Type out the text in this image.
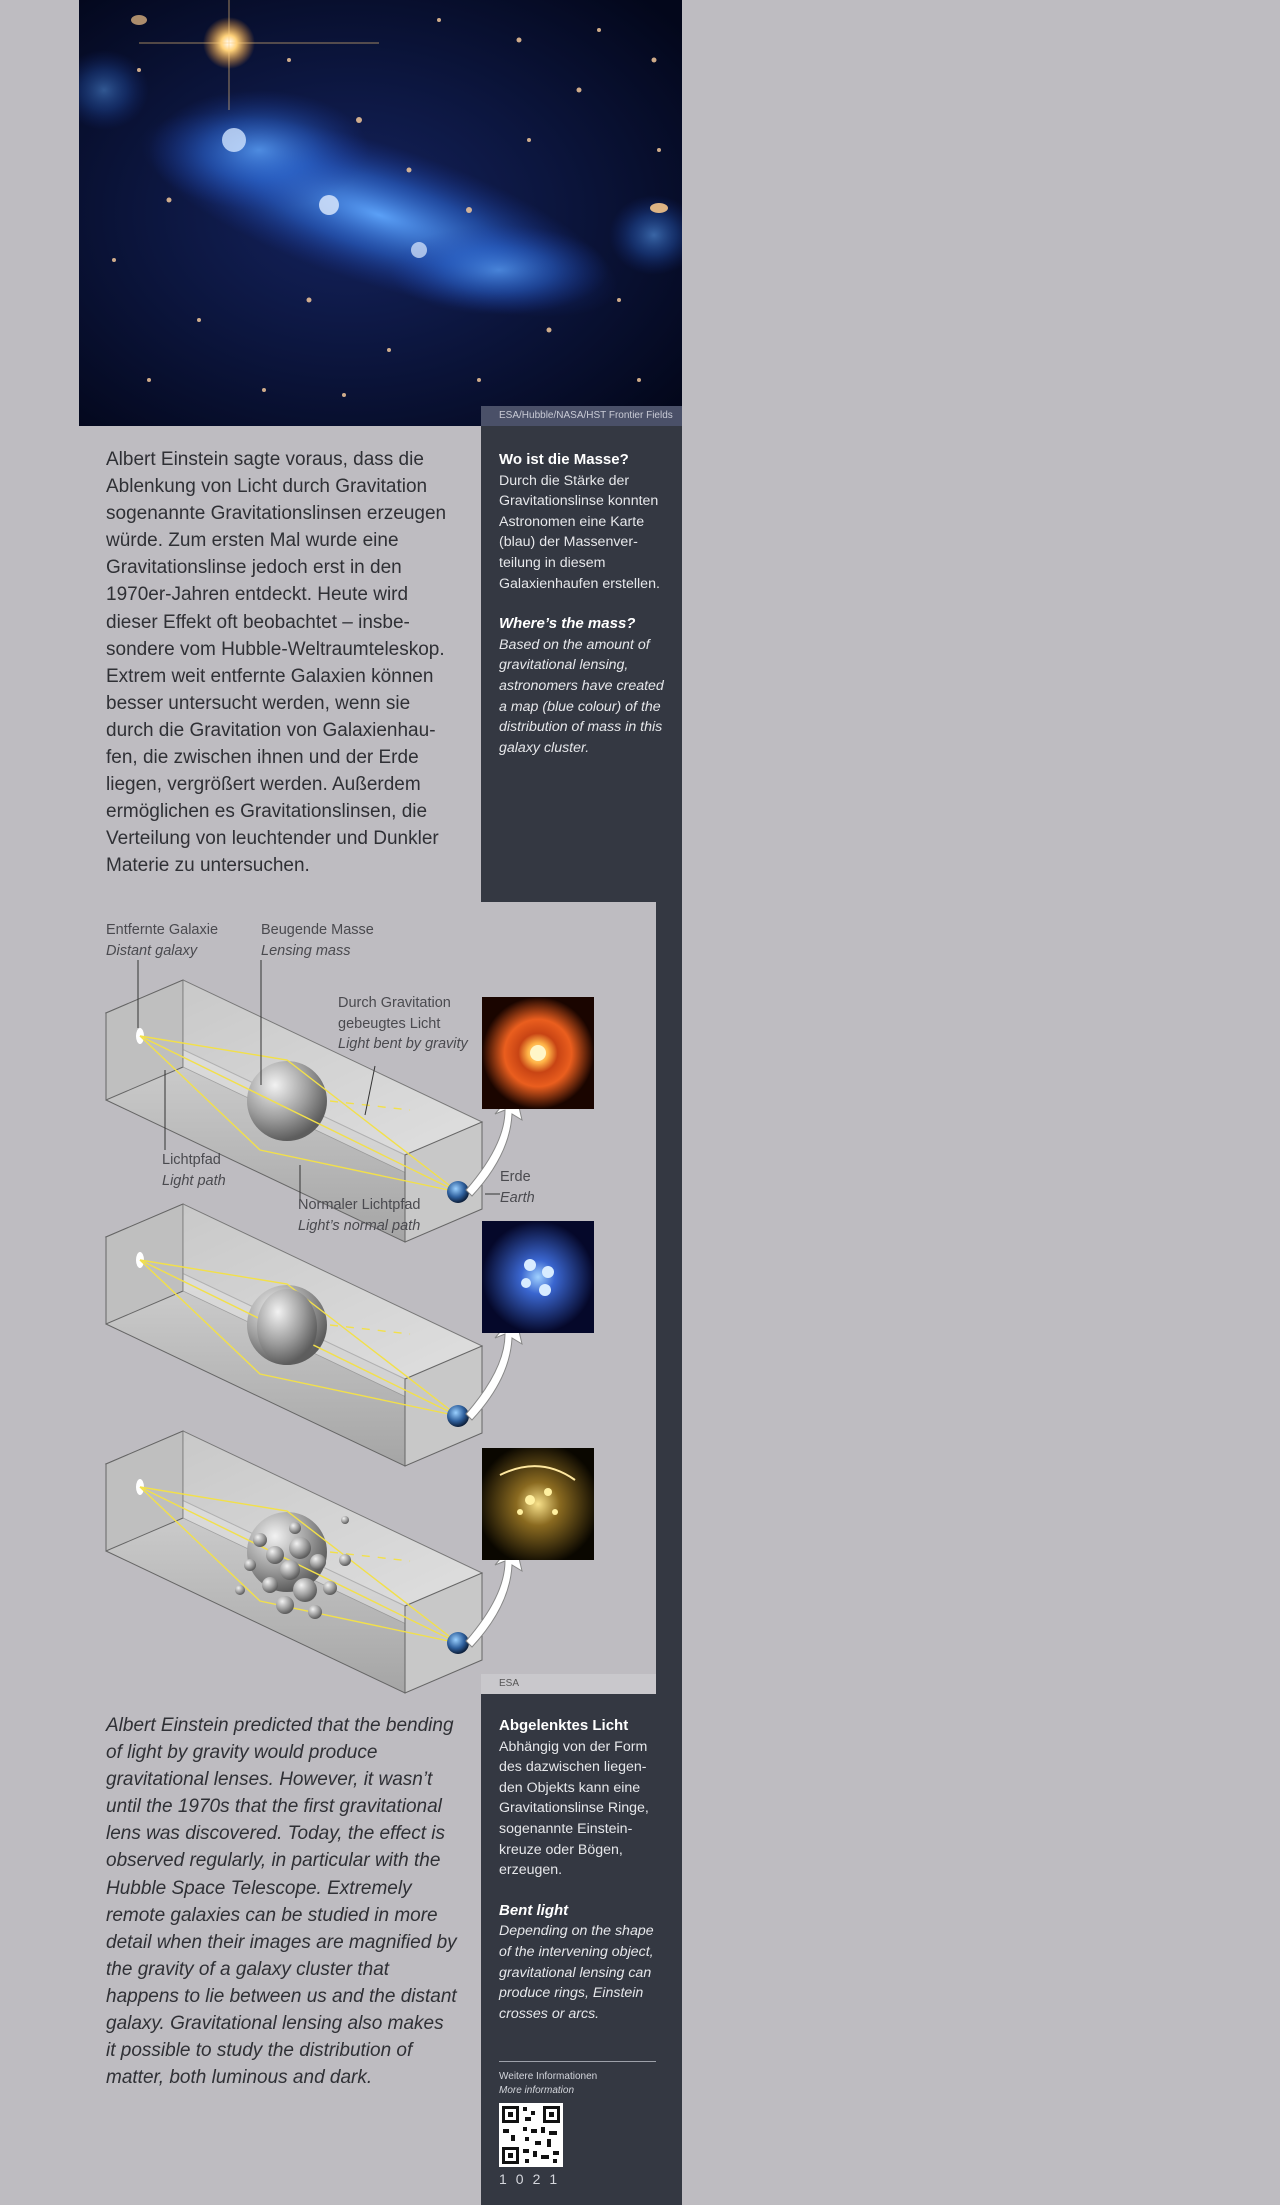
ESA/Hubble/NASA/HST Frontier Fields
Albert Einstein sagte voraus, dass die Ablenkung von Licht durch Gravitation sogenannte Gravitationslinsen erzeugen würde. Zum ersten Mal wurde eine Gravitationslinse jedoch erst in den 1970er-Jahren entdeckt. Heute wird dieser Effekt oft beobachtet – insbesondere vom Hubble-Weltraumteleskop. Extrem weit entfernte Galaxien können besser untersucht werden, wenn sie durch die Gravitation von Galaxienhaufen, die zwischen ihnen und der Erde liegen, vergrößert werden. Außerdem ermöglichen es Gravitationslinsen, die Verteilung von leuchtender und Dunkler Materie zu untersuchen.

Wo ist die Masse?

Durch die Stärke der Gravitationslinse konnten Astronomen eine Karte (blau) der Massenverteilung in diesem Galaxienhaufen erstellen.

Where’s the mass?

Based on the amount of gravitational lensing, astronomers have created a map (blue colour) of the distribution of mass in this galaxy cluster.

Entfernte Galaxie
Distant galaxy
Beugende Masse
Lensing mass
Durch Gravitation
gebeugtes Licht
Light bent by gravity
Lichtpfad
Light path
Normaler Lichtpfad
Light’s normal path
Erde
Earth
ESA
Albert Einstein predicted that the bending of light by gravity would produce gravitational lenses. However, it wasn’t until the 1970s that the first gravitational lens was discovered. Today, the effect is observed regularly, in particular with the Hubble Space Telescope. Extremely remote galaxies can be studied in more detail when their images are magnified by the gravity of a galaxy cluster that happens to lie between us and the distant galaxy. Gravitational lensing also makes it possible to study the distribution of matter, both luminous and dark.

Abgelenktes Licht

Abhängig von der Form des dazwischen liegenden Objekts kann eine Gravitationslinse Ringe, sogenannte Einsteinkreuze oder Bögen, erzeugen.

Bent light

Depending on the shape of the intervening object, gravitational lensing can produce rings, Einstein crosses or arcs.

Weitere Informationen
More information
1021
